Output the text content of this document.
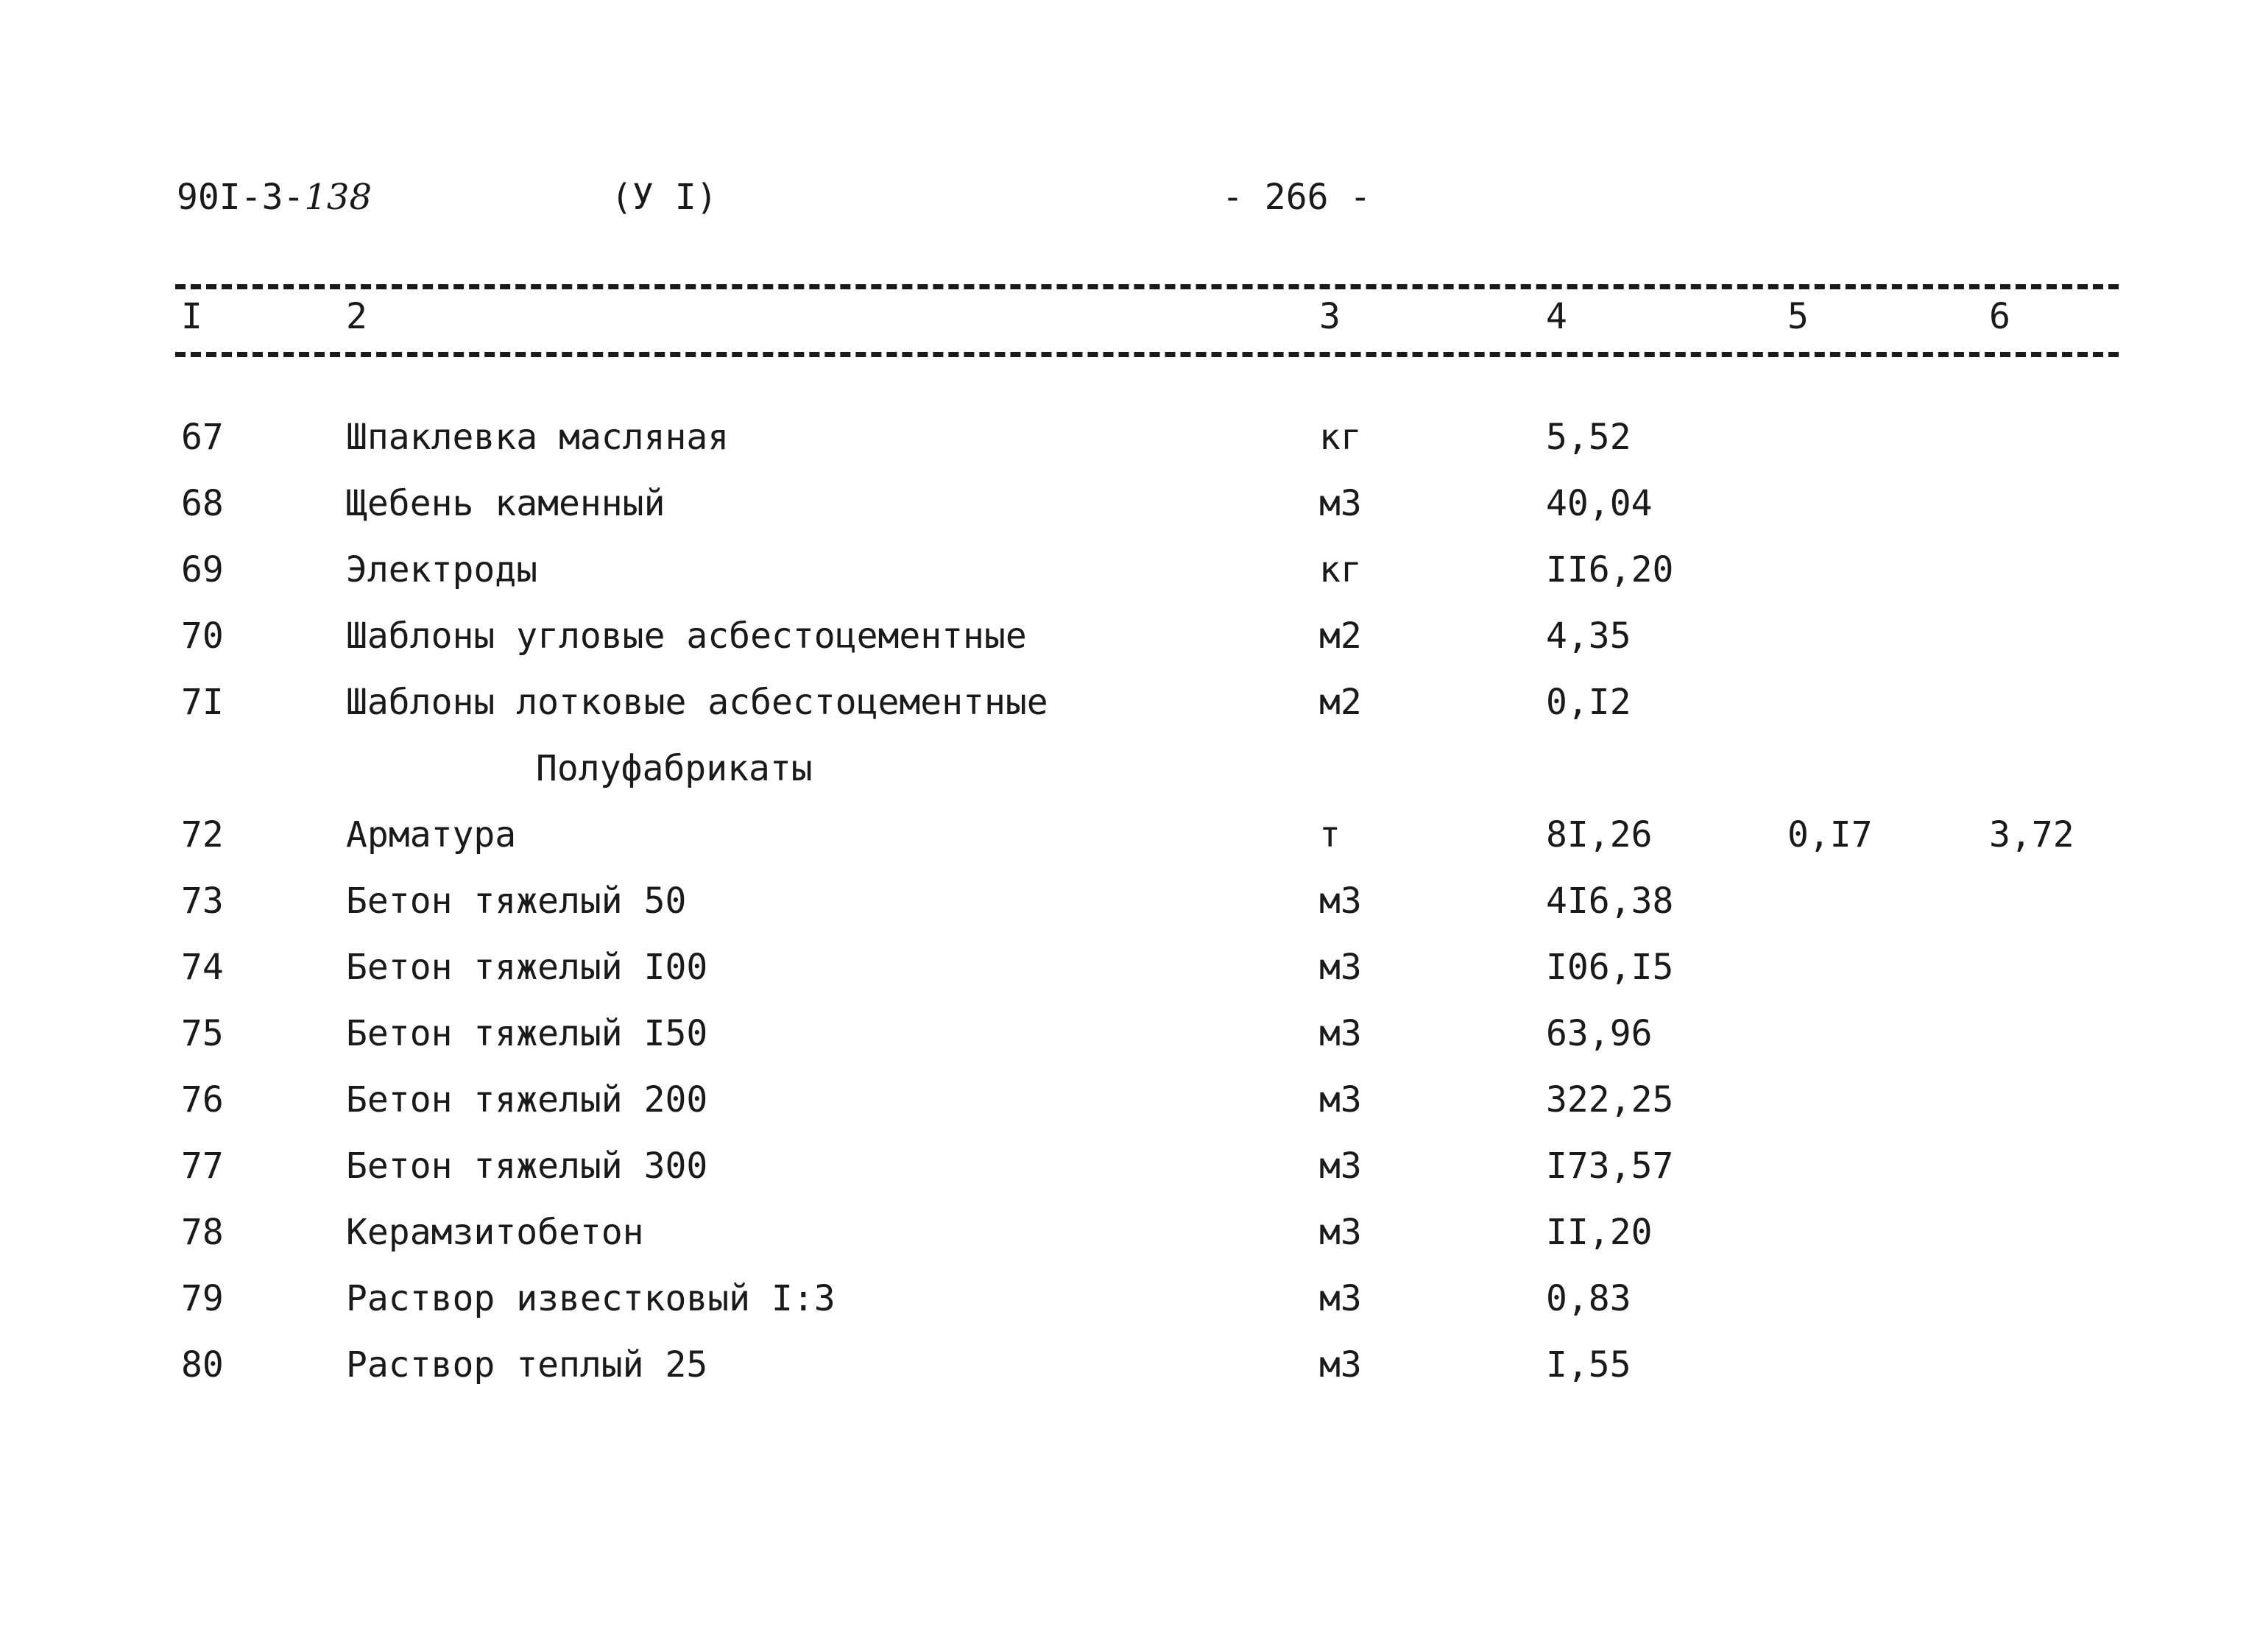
90I-3-138	(У I)	- 266 -
I	2	3	4	5	6
67	Шпаклевка масляная	кг	5,52
68	Щебень каменный	м3	40,04
69	Электроды	кг	II6,20
70	Шаблоны угловые асбестоцементные	м2	4,35
7I	Шаблоны лотковые асбестоцементные	м2	0,I2
Полуфабрикаты
72	Арматура	т	8I,26	0,I7	3,72
73	Бетон тяжелый 50	м3	4I6,38
74	Бетон тяжелый I00	м3	I06,I5
75	Бетон тяжелый I50	м3	63,96
76	Бетон тяжелый 200	м3	322,25
77	Бетон тяжелый 300	м3	I73,57
78	Керамзитобетон	м3	II,20
79	Раствор известковый I:3	м3	0,83
80	Раствор теплый 25	м3	I,55
